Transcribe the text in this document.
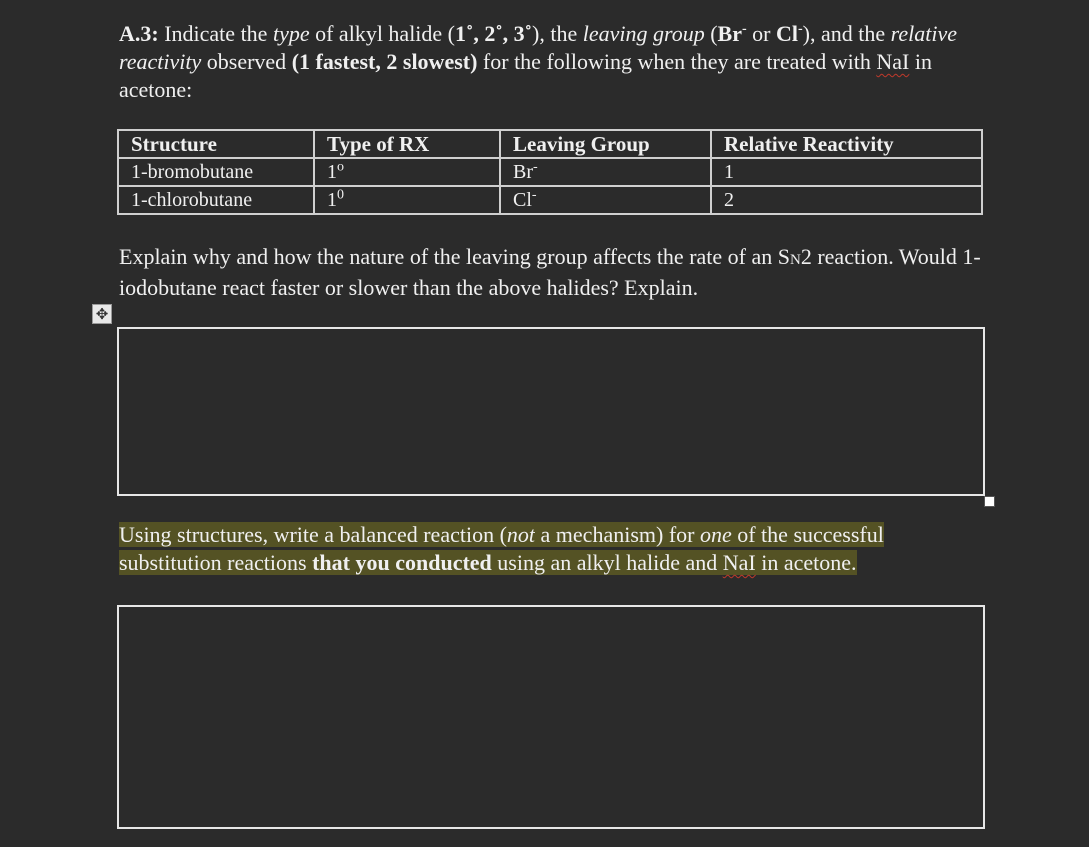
A.3: Indicate the type of alkyl halide (1˚, 2˚, 3˚), the leaving group (Br- or Cl-), and the relative reactivity observed (1 fastest, 2 slowest) for the following when they are treated with NaI in acetone:

Structure	Type of RX	Leaving Group	Relative Reactivity
1-bromobutane	1$^o$	Br-	1
1-chlorobutane	$1^0$	Cl-	2

Explain why and how the nature of the leaving group affects the rate of an SN2 reaction. Would 1-iodobutane react faster or slower than the above halides? Explain.

✥

Using structures, write a balanced reaction (not a mechanism) for one of the successful substitution reactions that you conducted using an alkyl halide and NaI in acetone.
